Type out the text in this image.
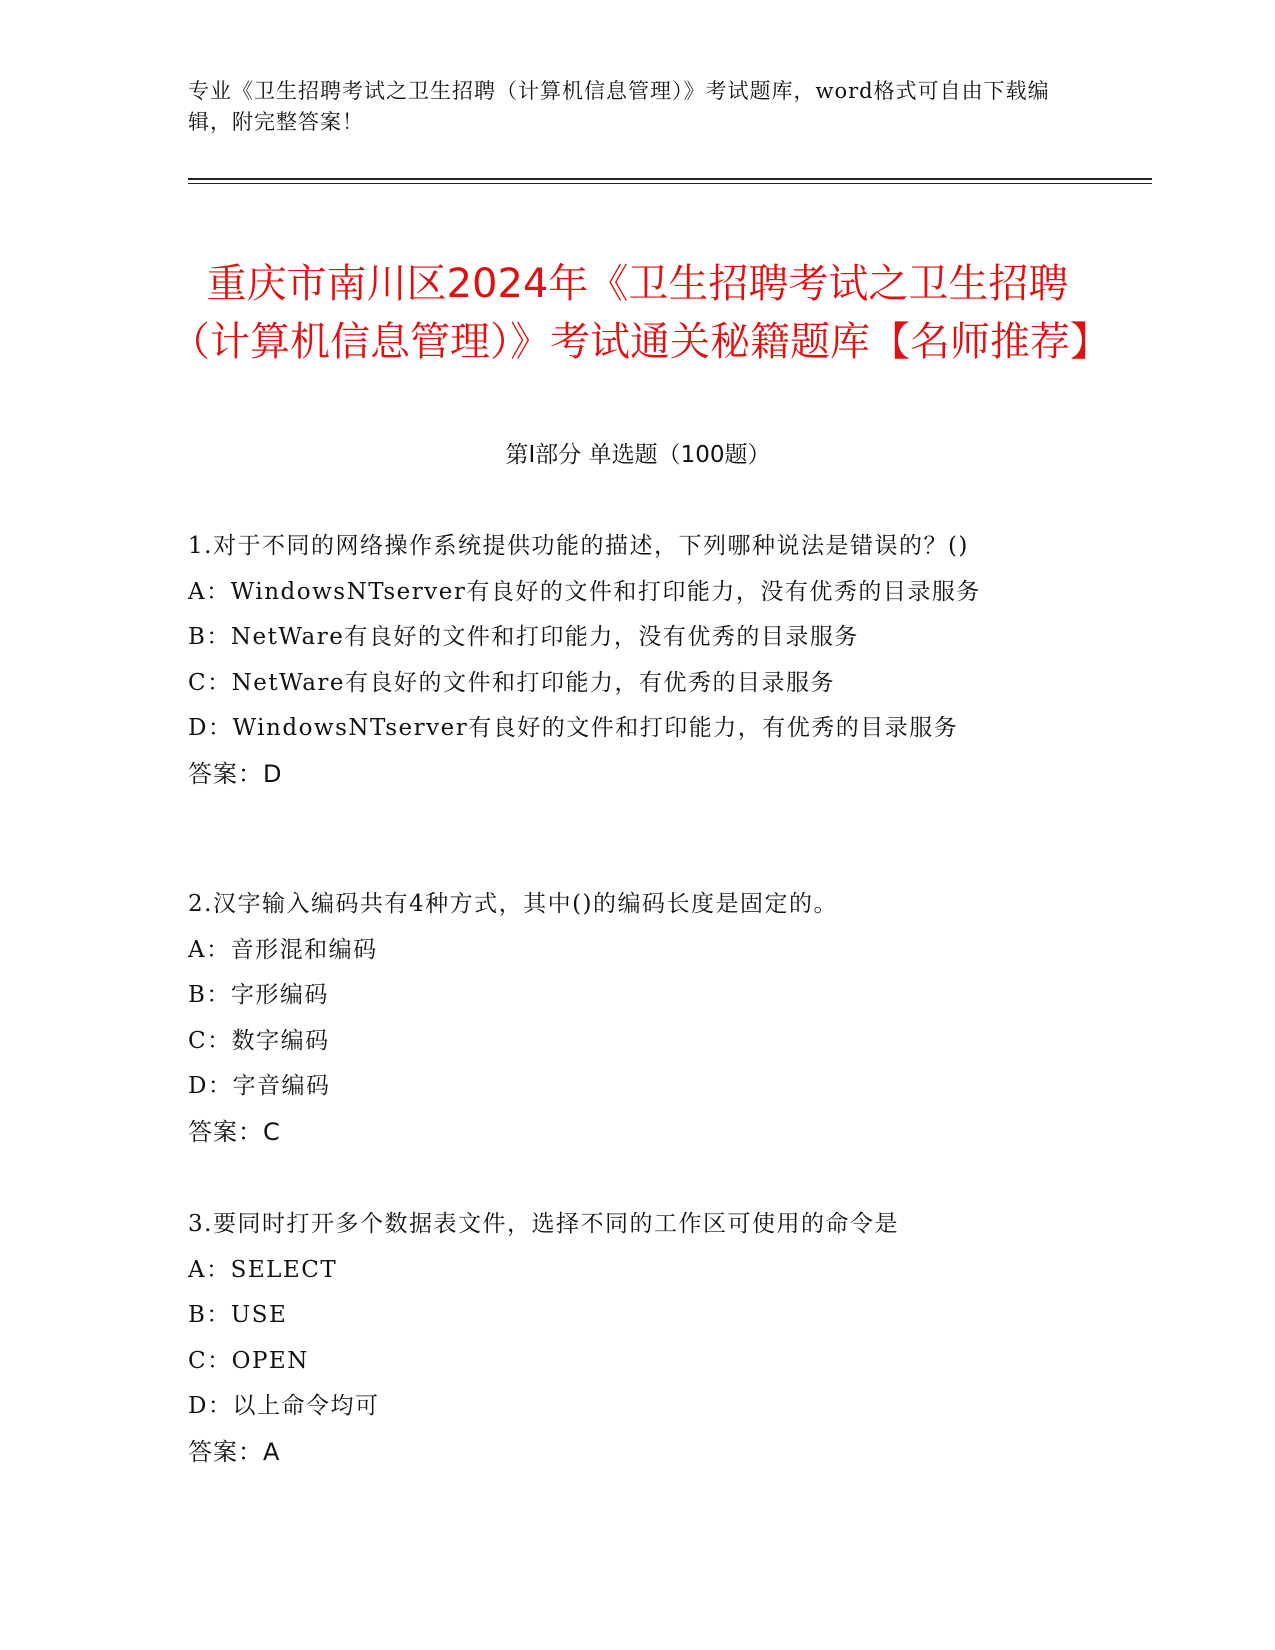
专业《卫生招聘考试之卫生招聘（计算机信息管理）》考试题库，word格式可自由下载编辑，附完整答案！
重庆市南川区2024年《卫生招聘考试之卫生招聘（计算机信息管理）》考试通关秘籍题库【名师推荐】
第I部分 单选题（100题）
1.对于不同的网络操作系统提供功能的描述，下列哪种说法是错误的？()
A：WindowsNTserver有良好的文件和打印能力，没有优秀的目录服务
B：NetWare有良好的文件和打印能力，没有优秀的目录服务
C：NetWare有良好的文件和打印能力，有优秀的目录服务
D：WindowsNTserver有良好的文件和打印能力，有优秀的目录服务
答案：D
2.汉字输入编码共有4种方式，其中()的编码长度是固定的。
A：音形混和编码
B：字形编码
C：数字编码
D：字音编码
答案：C
3.要同时打开多个数据表文件，选择不同的工作区可使用的命令是
A：SELECT
B：USE
C：OPEN
D：以上命令均可
答案：A
